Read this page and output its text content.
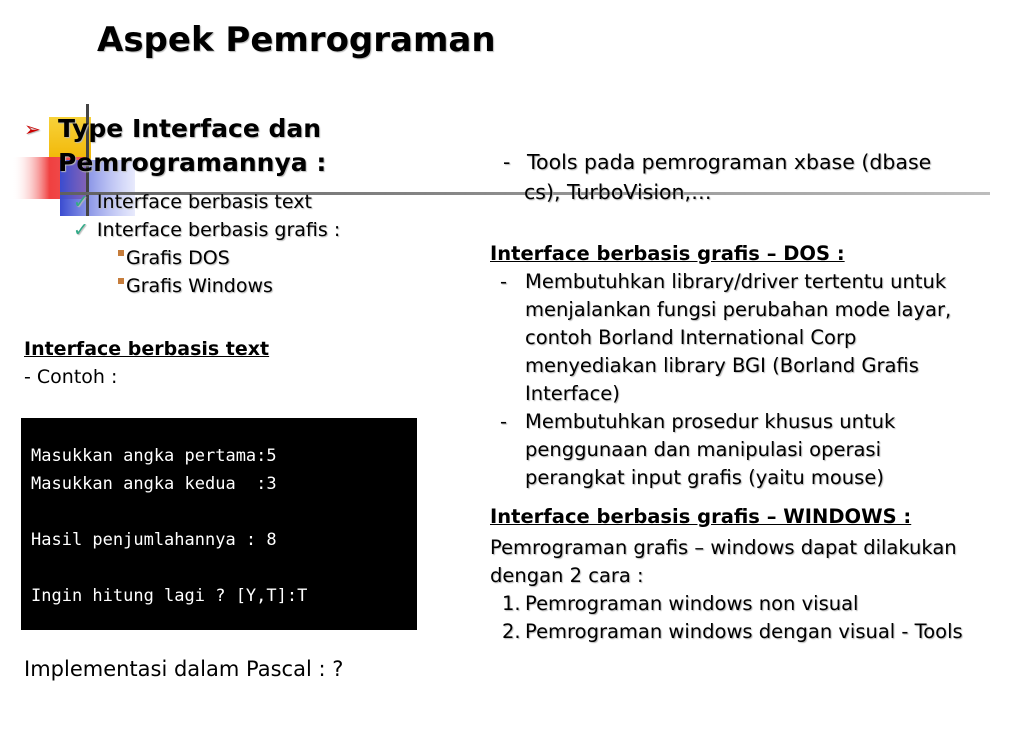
Aspek Pemrograman
➢ Type Interface dan
Pemrogramannya :
✓ Interface berbasis text
✓ Interface berbasis grafis :
Grafis DOS
Grafis Windows
Interface berbasis text
- Contoh :
Masukkan angka pertama:5
Masukkan angka kedua  :3
Hasil penjumlahannya : 8
Ingin hitung lagi ? [Y,T]:T
Implementasi dalam Pascal : ?
- Tools pada pemrograman xbase (dbase
cs), TurboVision,…
Interface berbasis grafis – DOS :
- Membutuhkan library/driver tertentu untuk
menjalankan fungsi perubahan mode layar,
contoh Borland International Corp
menyediakan library BGI (Borland Grafis
Interface)
- Membutuhkan prosedur khusus untuk
penggunaan dan manipulasi operasi
perangkat input grafis (yaitu mouse)
Interface berbasis grafis – WINDOWS :
Pemrograman grafis – windows dapat dilakukan
dengan 2 cara :
1. Pemrograman windows non visual
2. Pemrograman windows dengan visual - Tools
